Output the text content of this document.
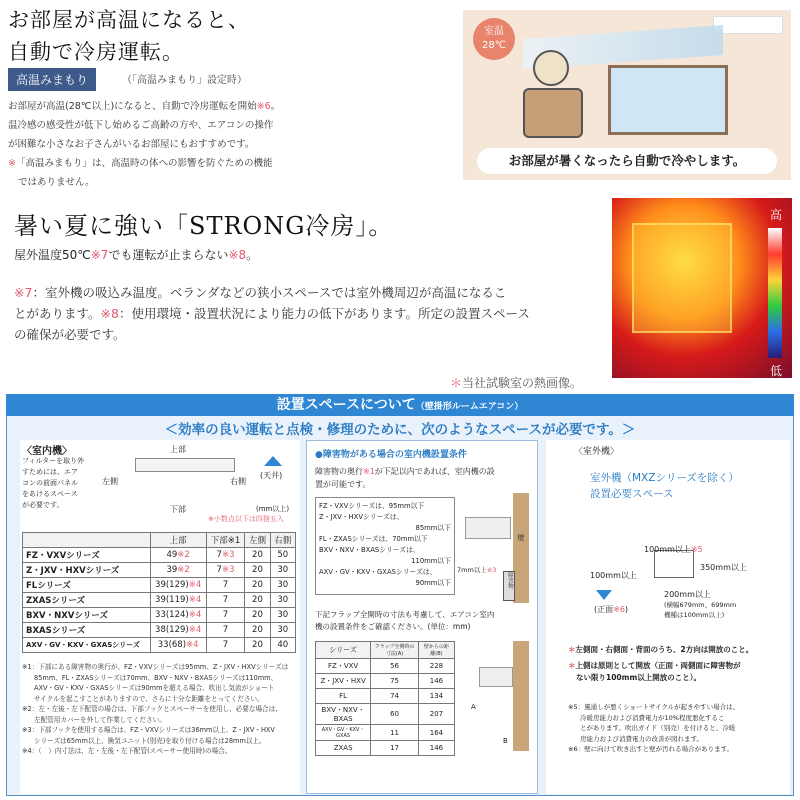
お部屋が高温になると、
自動で冷房運転。
高温みまもり	（「高温みまもり」設定時）
お部屋が高温(28℃以上)になると、自動で冷房運転を開始※6。
温冷感の感受性が低下し始めるご高齢の方や、エアコンの操作
が困難な小さなお子さんがいるお部屋にもおすすめです。
※「高温みまもり」は、高温時の体への影響を防ぐための機能
ではありません。
室温
28℃
お部屋が暑くなったら自動で冷やします。
暑い夏に強い「STRONG冷房」。
屋外温度50℃※7でも運転が止まらない※8。
※7：室外機の吸込み温度。ベランダなどの狭小スペースでは室外機周辺が高温になるこ
とがあります。※8：使用環境・設置状況により能力の低下があります。所定の設置スペース
の確保が必要です。
高
低
＊当社試験室の熱画像。
設置スペースについて（壁掛形ルームエアコン）
＜効率の良い運転と点検・修理のために、次のようなスペースが必要です。＞
〈室内機〉
フィルターを取り外
すためには、エア
コンの前面パネル
をあけるスペース
が必要です。
上部
下部
左側	右側
(天井)
(mm以上)
※小数点以下は四捨五入
	上部	下部※1	左側	右側
FZ・VXVシリーズ	49※2	7※3	20	50
Z・JXV・HXVシリーズ	39※2	7※3	20	30
FLシリーズ	39(129)※4	7	20	30
ZXASシリーズ	39(119)※4	7	20	30
BXV・NXVシリーズ	33(124)※4	7	20	30
BXASシリーズ	38(129)※4	7	20	30
AXV・GV・KXV・GXASシリーズ	33(68)※4	7	20	40
※1：下部にある障害物の奥行が、FZ・VXVシリーズは95mm、Z・JXV・HXVシリーズは
85mm、FL・ZXASシリーズは70mm、BXV・NXV・BXASシリーズは110mm、
AXV・GV・KXV・GXASシリーズは90mmを超える場合、吹出し気流がショート
サイクルを起こすことがありますので、さらに十分な距離をとってください。
※2：左・左後・左下配管の場合は、下部フックとスペーサーを使用し、必要な場合は、
左配管用カバーを外して作業してください。
※3：下部フックを使用する場合は、FZ・VXVシリーズは36mm以上、Z・JXV・HXV
シリーズは65mm以上、換気ユニット(別売)を取り付ける場合は28mm以上。
※4：（　）内寸法は、左・左後・左下配管(スペーサー使用時)の場合。
●障害物がある場合の室内機設置条件
障害物の奥行※1が下記以内であれば、室内機の設
置が可能です。
FZ・VXVシリーズは、95mm以下
Z・JXV・HXVシリーズは、
85mm以下
FL・ZXASシリーズは、70mm以下
BXV・NXV・BXASシリーズは、
110mm以下
AXV・GV・KXV・GXASシリーズは、
90mm以下
壁
障害物
7mm以上※3
下記フラップ全開時の寸法も考慮して、エアコン室内
機の設置条件をご確認ください。(単位：mm)
シリーズ	フラップ全開時の寸法(A)	壁からの距離(B)
FZ・VXV	56	228
Z・JXV・HXV	75	146
FL	74	134
BXV・NXV・BXAS	60	207
AXV・GV・KXV・GXAS	11	164
ZXAS	17	146
A
B
〈室外機〉
室外機（MXZシリーズを除く）
設置必要スペース
100mm以上※5
100mm以上
350mm以上
(正面※6)
200mm以上
(横幅679mm、699mm
機種は100mm以上)
＊左側面・右側面・背面のうち、2方向は開放のこと。
＊上側は原則として開放（正面・両側面に障害物が
ない限り100mm以上開放のこと）。
※5：風通しが悪くショートサイクルが起きやすい場合は、
冷暖房能力および消費電力が10%程度悪化するこ
とがあります。吹出ガイド（別売）を付けると、冷暖
房能力および消費電力の改善が図れます。
※6：壁に向けて吹き出すと壁が汚れる場合があります。
